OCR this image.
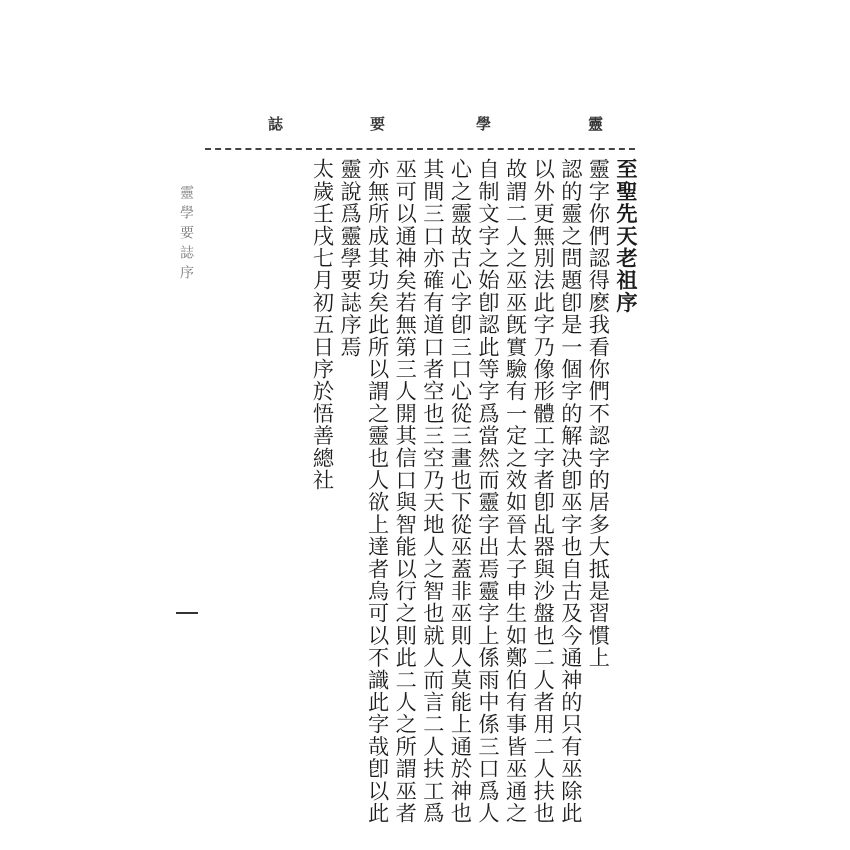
靈
學
要
誌
靈學要誌序	至聖先天老祖序
靈字你們認得麽我看你們不認字的居多大抵是習慣上
認的靈之問題卽是一個字的解决卽巫字也自古及今通神的只有巫除此
以外更無別法此字乃像形體工字者卽乩器與沙盤也二人者用二人扶也
故謂二人之巫巫旣實驗有一定之效如晉太子申生如鄭伯有事皆巫通之
自制文字之始卽認此等字爲當然而靈字出焉靈字上係雨中係三口爲人
心之靈故古心字卽三口心從三畫也下從巫蓋非巫則人莫能上通於神也
其間三口亦確有道口者空也三空乃天地人之智也就人而言二人扶工爲
巫可以通神矣若無第三人開其信口與智能以行之則此二人之所謂巫者
亦無所成其功矣此所以謂之靈也人欲上達者烏可以不識此字哉卽以此
靈說爲靈學要誌序焉
太歲壬戌七月初五日序於悟善總社
